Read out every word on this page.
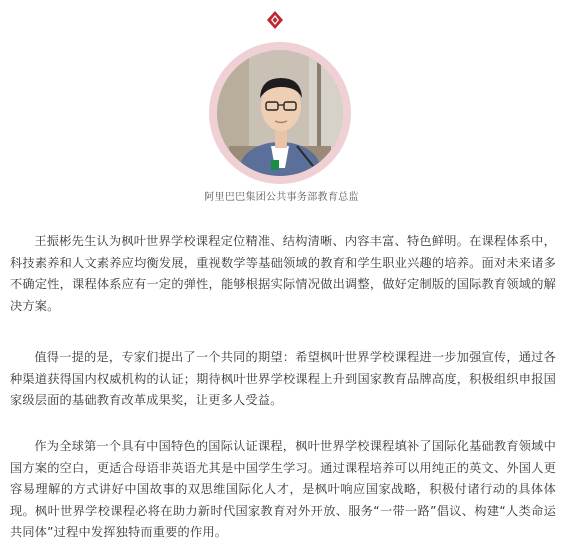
阿里巴巴集团公共事务部教育总监

王振彬先生认为枫叶世界学校课程定位精准、结构清晰、内容丰富、特色鲜明。在课程体系中，科技素养和人文素养应均衡发展，重视数学等基础领域的教育和学生职业兴趣的培养。面对未来诸多不确定性，课程体系应有一定的弹性，能够根据实际情况做出调整，做好定制版的国际教育领域的解决方案。

值得一提的是，专家们提出了一个共同的期望：希望枫叶世界学校课程进一步加强宣传，通过各种渠道获得国内权威机构的认证；期待枫叶世界学校课程上升到国家教育品牌高度，积极组织申报国家级层面的基础教育改革成果奖，让更多人受益。

作为全球第一个具有中国特色的国际认证课程，枫叶世界学校课程填补了国际化基础教育领域中国方案的空白，更适合母语非英语尤其是中国学生学习。通过课程培养可以用纯正的英文、外国人更容易理解的方式讲好中国故事的双思维国际化人才，是枫叶响应国家战略，积极付诸行动的具体体现。枫叶世界学校课程必将在助力新时代国家教育对外开放、服务“一带一路”倡议、构建“人类命运共同体”过程中发挥独特而重要的作用。
